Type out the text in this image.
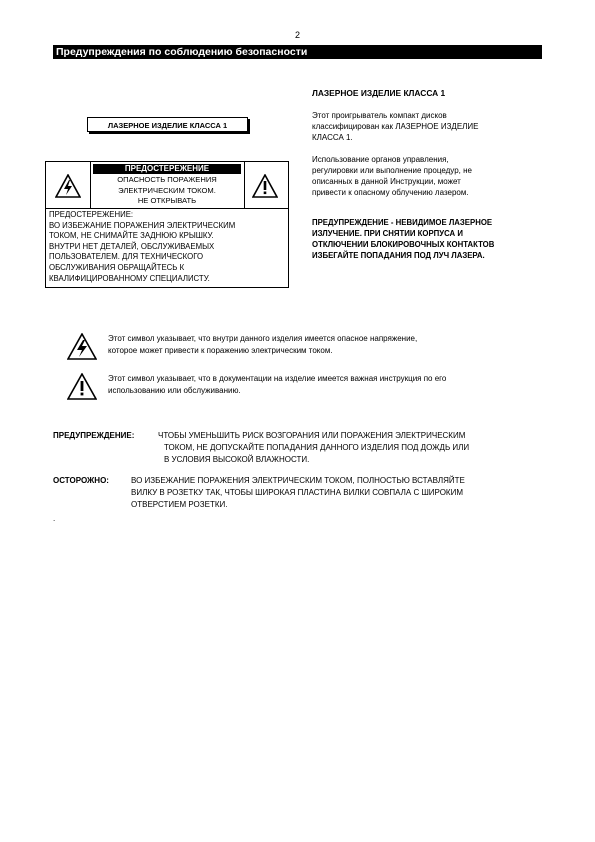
2
Предупреждения по соблюдению безопасности
ЛАЗЕРНОЕ ИЗДЕЛИЕ КЛАССА 1
ПРЕДОСТЕРЕЖЕНИЕ
ОПАСНОСТЬ ПОРАЖЕНИЯ
ЭЛЕКТРИЧЕСКИМ ТОКОМ.
НЕ ОТКРЫВАТЬ
ПРЕДОСТЕРЕЖЕНИЕ:
ВО ИЗБЕЖАНИЕ ПОРАЖЕНИЯ ЭЛЕКТРИЧЕСКИМ
ТОКОМ, НЕ СНИМАЙТЕ ЗАДНЮЮ КРЫШКУ.
ВНУТРИ НЕТ ДЕТАЛЕЙ, ОБСЛУЖИВАЕМЫХ
ПОЛЬЗОВАТЕЛЕМ. ДЛЯ ТЕХНИЧЕСКОГО
ОБСЛУЖИВАНИЯ ОБРАЩАЙТЕСЬ К
КВАЛИФИЦИРОВАННОМУ СПЕЦИАЛИСТУ.
ЛАЗЕРНОЕ ИЗДЕЛИЕ КЛАССА 1
Этот проигрыватель компакт дисков
классифицирован как ЛАЗЕРНОЕ ИЗДЕЛИЕ
КЛАССА 1.
Использование органов управления,
регулировки или выполнение процедур, не
описанных в данной Инструкции, может
привести к опасному облучению лазером.
ПРЕДУПРЕЖДЕНИЕ - НЕВИДИМОЕ ЛАЗЕРНОЕ
ИЗЛУЧЕНИЕ. ПРИ СНЯТИИ КОРПУСА И
ОТКЛЮЧЕНИИ БЛОКИРОВОЧНЫХ КОНТАКТОВ
ИЗБЕГАЙТЕ ПОПАДАНИЯ ПОД ЛУЧ ЛАЗЕРА.
Этот символ указывает, что внутри данного изделия имеется опасное напряжение,
которое может привести к поражению электрическим током.
Этот символ указывает, что в документации на изделие имеется важная инструкция по его
использованию или обслуживанию.
ПРЕДУПРЕЖДЕНИЕ:	ЧТОБЫ УМЕНЬШИТЬ РИСК ВОЗГОРАНИЯ ИЛИ ПОРАЖЕНИЯ ЭЛЕКТРИЧЕСКИМ
ТОКОМ, НЕ ДОПУСКАЙТЕ ПОПАДАНИЯ ДАННОГО ИЗДЕЛИЯ ПОД ДОЖДЬ ИЛИ
В УСЛОВИЯ ВЫСОКОЙ ВЛАЖНОСТИ.
ОСТОРОЖНО:	ВО ИЗБЕЖАНИЕ ПОРАЖЕНИЯ ЭЛЕКТРИЧЕСКИМ ТОКОМ, ПОЛНОСТЬЮ ВСТАВЛЯЙТЕ
ВИЛКУ В РОЗЕТКУ ТАК, ЧТОБЫ ШИРОКАЯ ПЛАСТИНА ВИЛКИ СОВПАЛА С ШИРОКИМ
ОТВЕРСТИЕМ РОЗЕТКИ.
.
